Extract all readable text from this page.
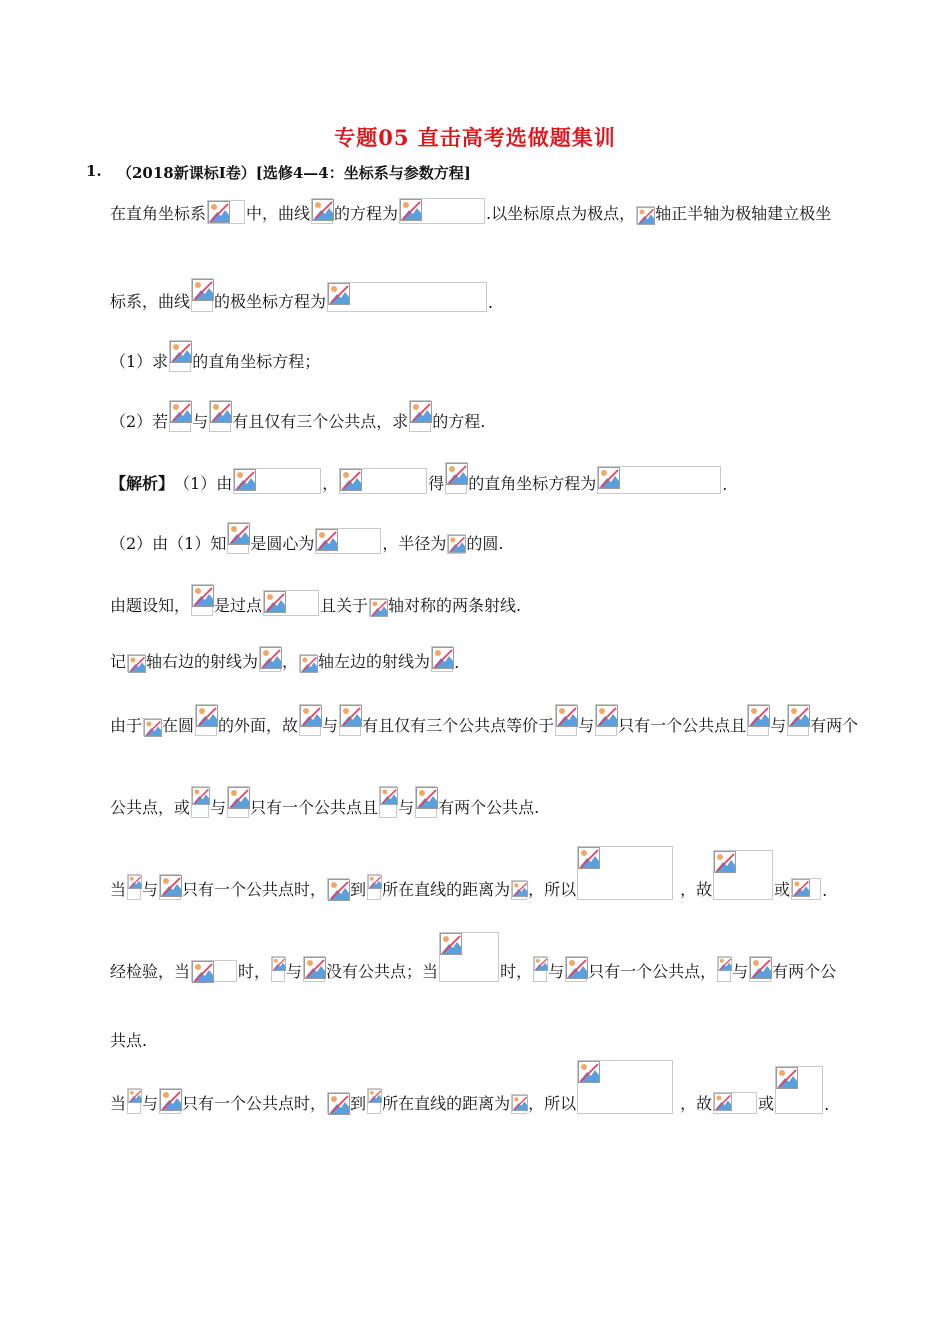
专题05 直击高考选做题集训
1. （2018新课标Ⅰ卷）[选修4—4：坐标系与参数方程]
在直角坐标系	中，曲线 的方程为	.以坐标原点为极点， 轴正半轴为极轴建立极坐
标系，曲线 的极坐标方程为	.
（1）求 的直角坐标方程；
（2）若 与 有且仅有三个公共点，求 的方程.
【解析】 （1）由	，	得 的直角坐标方程为	.
（2）由（1）知 是圆心为	，半径为 的圆.
由题设知， 是过点	且关于 轴对称的两条射线.
记 轴右边的射线为 ， 轴左边的射线为 .
由于 在圆 的外面，故 与 有且仅有三个公共点等价于 与 只有一个公共点且 与 有两个
公共点，或 与 只有一个公共点且 与 有两个公共点.
当 与 只有一个公共点时， 到 所在直线的距离为 ，所以	，故	或 .
经检验，当	时， 与 没有公共点；当	时， 与 只有一个公共点， 与 有两个公
共点.
当 与 只有一个公共点时， 到 所在直线的距离为 ，所以	，故	或	.
